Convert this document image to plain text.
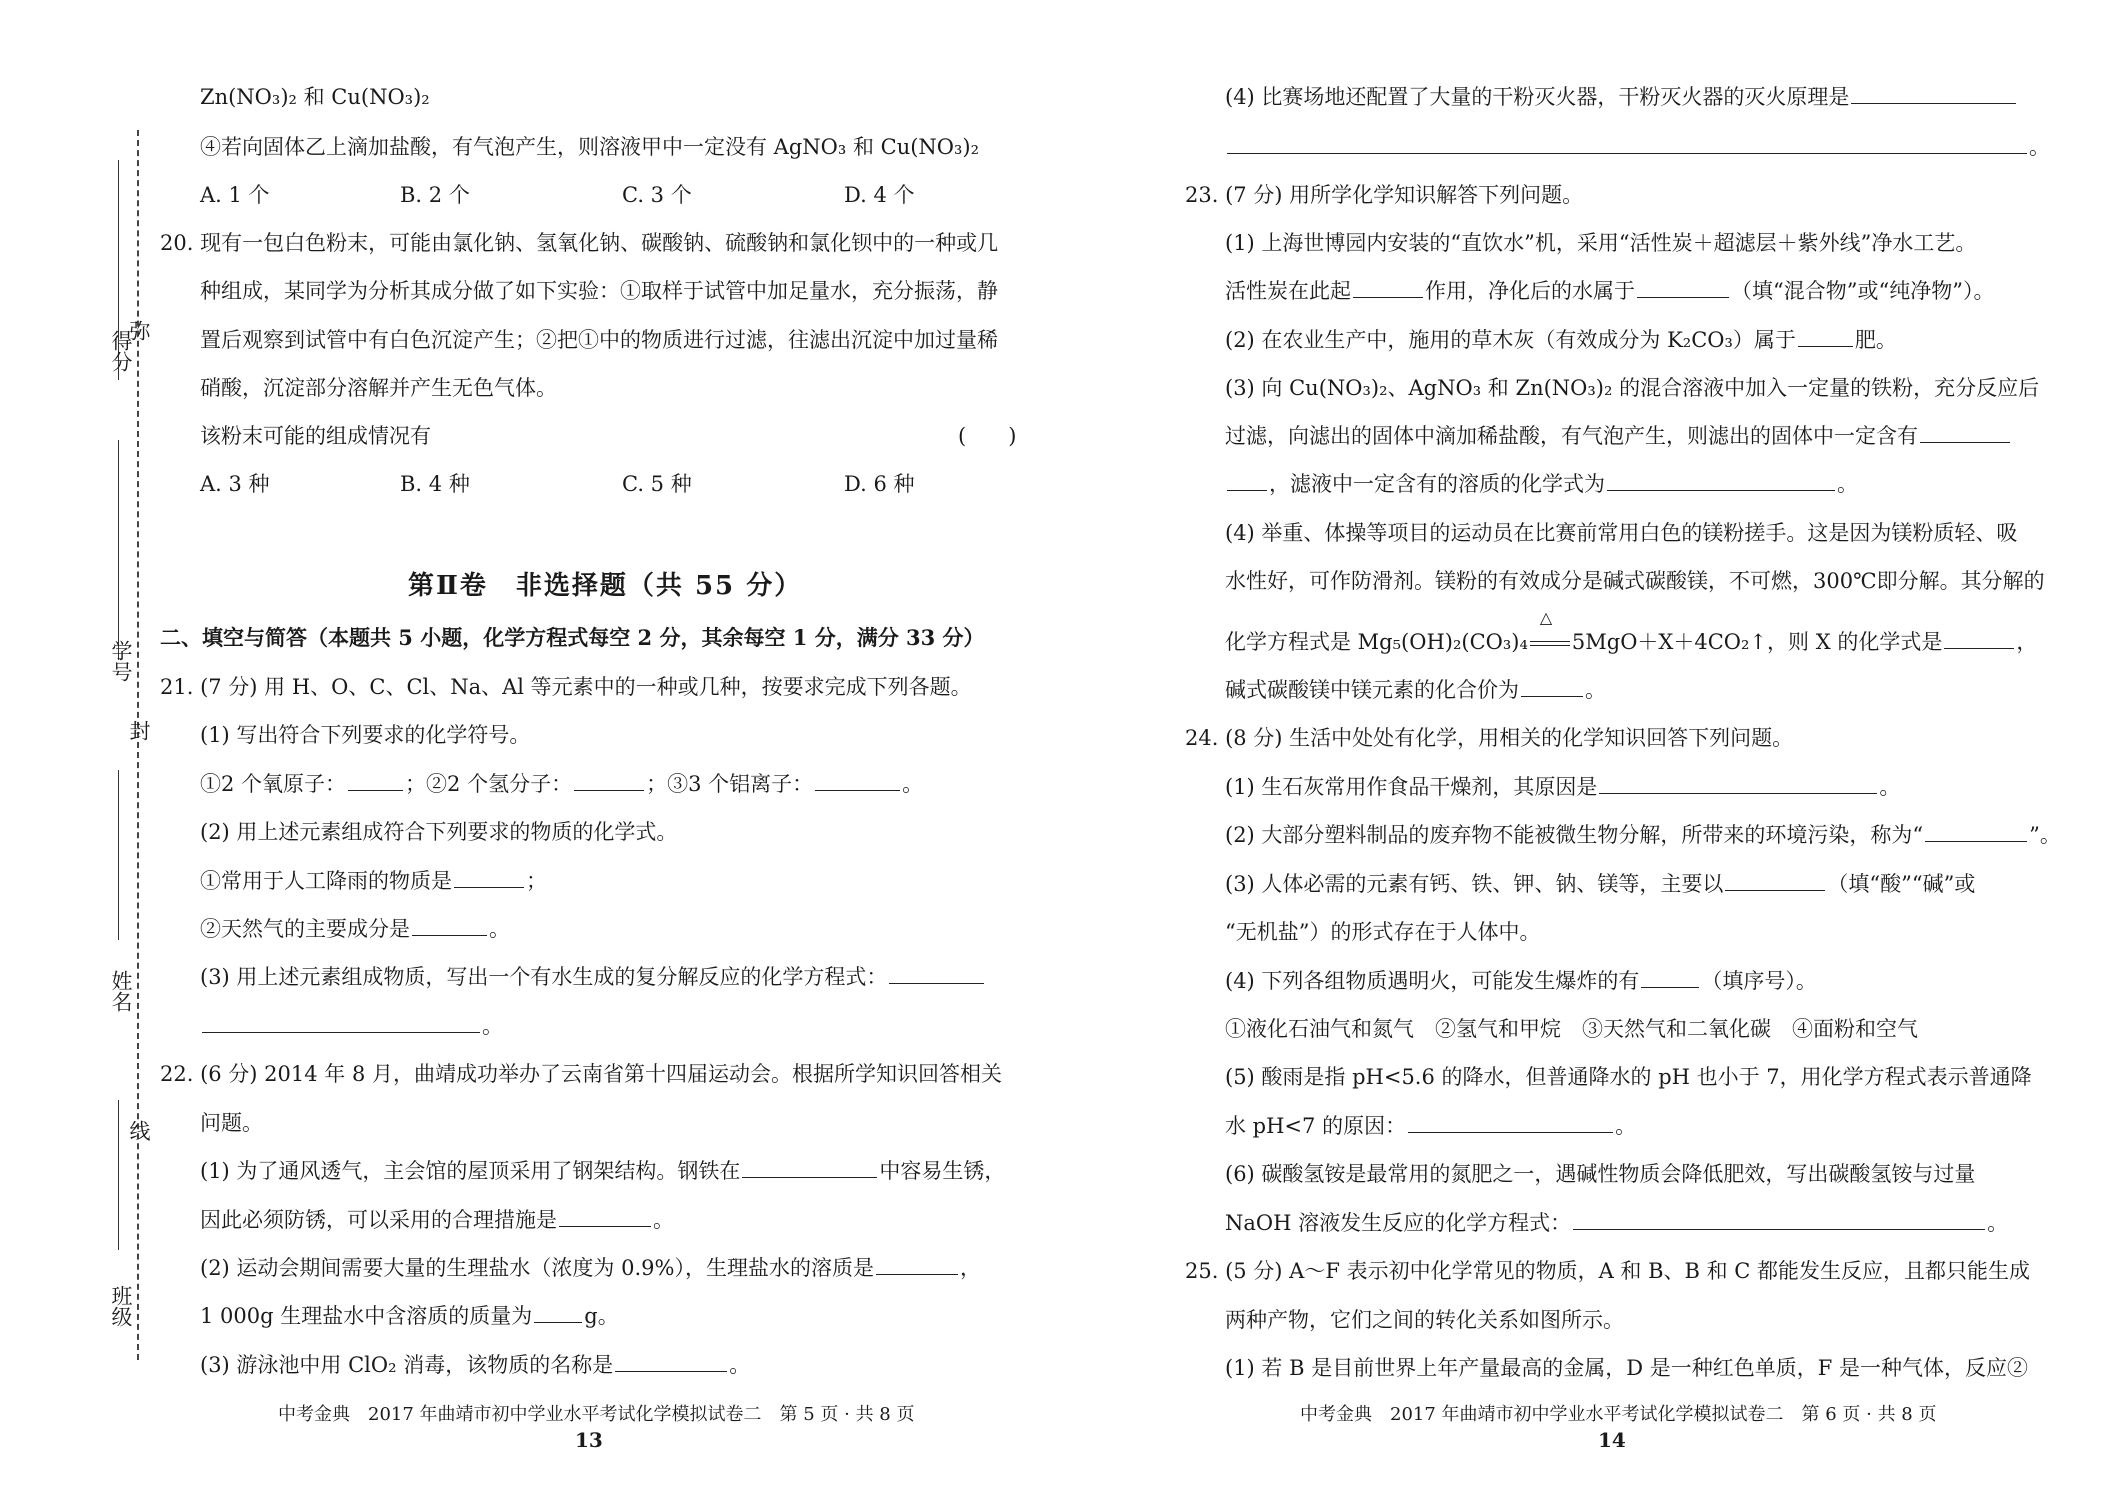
得分
学号
姓名
班级
弥
封
线
Zn(NO₃)₂ 和 Cu(NO₃)₂
④若向固体乙上滴加盐酸，有气泡产生，则溶液甲中一定没有 AgNO₃ 和 Cu(NO₃)₂
A. 1 个	B. 2 个	C. 3 个	D. 4 个
20. 现有一包白色粉末，可能由氯化钠、氢氧化钠、碳酸钠、硫酸钠和氯化钡中的一种或几
种组成，某同学为分析其成分做了如下实验：①取样于试管中加足量水，充分振荡，静
置后观察到试管中有白色沉淀产生；②把①中的物质进行过滤，往滤出沉淀中加过量稀
硝酸，沉淀部分溶解并产生无色气体。
该粉末可能的组成情况有	(　　)
A. 3 种	B. 4 种	C. 5 种	D. 6 种
第Ⅱ卷　非选择题（共 55 分）
二、填空与简答（本题共 5 小题，化学方程式每空 2 分，其余每空 1 分，满分 33 分）
21. (7 分) 用 H、O、C、Cl、Na、Al 等元素中的一种或几种，按要求完成下列各题。
(1) 写出符合下列要求的化学符号。
①2 个氧原子：	；②2 个氢分子：	；③3 个铝离子：	。
(2) 用上述元素组成符合下列要求的物质的化学式。
①常用于人工降雨的物质是	；
②天然气的主要成分是	。
(3) 用上述元素组成物质，写出一个有水生成的复分解反应的化学方程式：
。
22. (6 分) 2014 年 8 月，曲靖成功举办了云南省第十四届运动会。根据所学知识回答相关
问题。
(1) 为了通风透气，主会馆的屋顶采用了钢架结构。钢铁在	中容易生锈，
因此必须防锈，可以采用的合理措施是	。
(2) 运动会期间需要大量的生理盐水（浓度为 0.9%），生理盐水的溶质是	，
1 000g 生理盐水中含溶质的质量为 g。
(3) 游泳池中用 ClO₂ 消毒，该物质的名称是	。
中考金典　2017 年曲靖市初中学业水平考试化学模拟试卷二　第 5 页 · 共 8 页
13
(4) 比赛场地还配置了大量的干粉灭火器，干粉灭火器的灭火原理是
。
23. (7 分) 用所学化学知识解答下列问题。
(1) 上海世博园内安装的“直饮水”机，采用“活性炭＋超滤层＋紫外线”净水工艺。
活性炭在此起	作用，净化后的水属于	（填“混合物”或“纯净物”）。
(2) 在农业生产中，施用的草木灰（有效成分为 K₂CO₃）属于	肥。
(3) 向 Cu(NO₃)₂、AgNO₃ 和 Zn(NO₃)₂ 的混合溶液中加入一定量的铁粉，充分反应后
过滤，向滤出的固体中滴加稀盐酸，有气泡产生，则滤出的固体中一定含有
，滤液中一定含有的溶质的化学式为	。
(4) 举重、体操等项目的运动员在比赛前常用白色的镁粉搓手。这是因为镁粉质轻、吸
水性好，可作防滑剂。镁粉的有效成分是碱式碳酸镁，不可燃，300℃即分解。其分解的
化学方程式是 Mg₅(OH)₂(CO₃)₄
△
5MgO＋X＋4CO₂↑，则 X 的化学式是	，
碱式碳酸镁中镁元素的化合价为	。
24. (8 分) 生活中处处有化学，用相关的化学知识回答下列问题。
(1) 生石灰常用作食品干燥剂，其原因是	。
(2) 大部分塑料制品的废弃物不能被微生物分解，所带来的环境污染，称为“	”。
(3) 人体必需的元素有钙、铁、钾、钠、镁等，主要以	（填“酸”“碱”或
“无机盐”）的形式存在于人体中。
(4) 下列各组物质遇明火，可能发生爆炸的有	（填序号）。
①液化石油气和氮气　②氢气和甲烷　③天然气和二氧化碳　④面粉和空气
(5) 酸雨是指 pH<5.6 的降水，但普通降水的 pH 也小于 7，用化学方程式表示普通降
水 pH<7 的原因：	。
(6) 碳酸氢铵是最常用的氮肥之一，遇碱性物质会降低肥效，写出碳酸氢铵与过量
NaOH 溶液发生反应的化学方程式：	。
25. (5 分) A～F 表示初中化学常见的物质，A 和 B、B 和 C 都能发生反应，且都只能生成
两种产物，它们之间的转化关系如图所示。
(1) 若 B 是目前世界上年产量最高的金属，D 是一种红色单质，F 是一种气体，反应②
中考金典　2017 年曲靖市初中学业水平考试化学模拟试卷二　第 6 页 · 共 8 页
14
